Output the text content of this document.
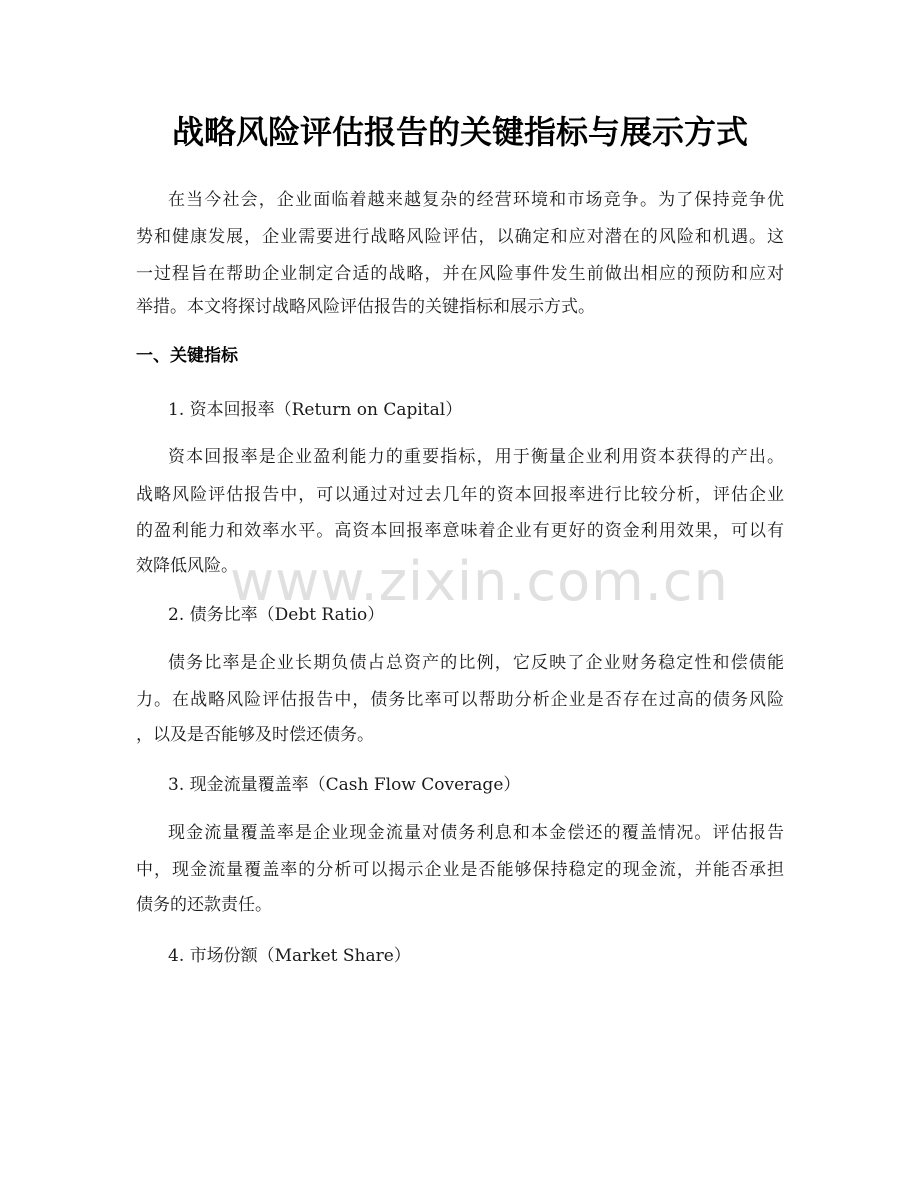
战略风险评估报告的关键指标与展示方式
在当今社会，企业面临着越来越复杂的经营环境和市场竞争。为了保持竞争优
势和健康发展，企业需要进行战略风险评估，以确定和应对潜在的风险和机遇。这
一过程旨在帮助企业制定合适的战略，并在风险事件发生前做出相应的预防和应对
举措。本文将探讨战略风险评估报告的关键指标和展示方式。
一、关键指标
1. 资本回报率（Return on Capital）
资本回报率是企业盈利能力的重要指标，用于衡量企业利用资本获得的产出。
战略风险评估报告中，可以通过对过去几年的资本回报率进行比较分析，评估企业
的盈利能力和效率水平。高资本回报率意味着企业有更好的资金利用效果，可以有
效降低风险。
2. 债务比率（Debt Ratio）
债务比率是企业长期负债占总资产的比例，它反映了企业财务稳定性和偿债能
力。在战略风险评估报告中，债务比率可以帮助分析企业是否存在过高的债务风险
，以及是否能够及时偿还债务。
3. 现金流量覆盖率（Cash Flow Coverage）
现金流量覆盖率是企业现金流量对债务利息和本金偿还的覆盖情况。评估报告
中，现金流量覆盖率的分析可以揭示企业是否能够保持稳定的现金流，并能否承担
债务的还款责任。
4. 市场份额（Market Share）
www.zixin.com.cn
